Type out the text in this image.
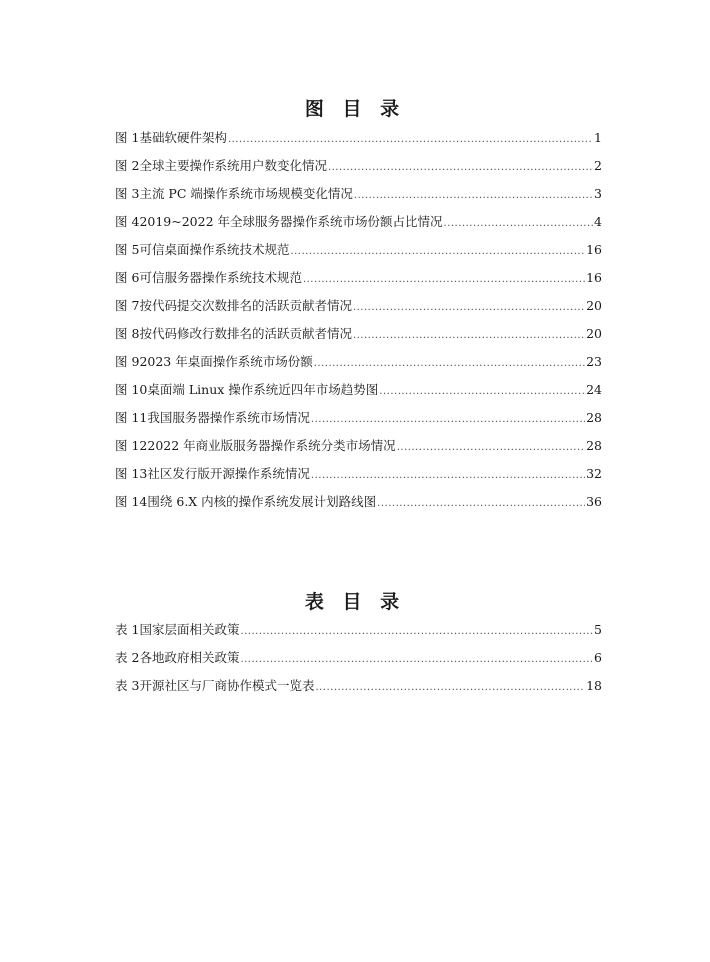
图 目 录
图 1 基础软硬件架构 .....	1
图 2 全球主要操作系统用户数变化情况 .....	2
图 3 主流 PC 端操作系统市场规模变化情况 .....	3
图 4 2019~2022 年全球服务器操作系统市场份额占比情况 .....	4
图 5 可信桌面操作系统技术规范 .....	16
图 6 可信服务器操作系统技术规范 .....	16
图 7 按代码提交次数排名的活跃贡献者情况 .....	20
图 8 按代码修改行数排名的活跃贡献者情况 .....	20
图 9 2023 年桌面操作系统市场份额 .....	23
图 10 桌面端 Linux 操作系统近四年市场趋势图 .....	24
图 11 我国服务器操作系统市场情况 .....	28
图 12 2022 年商业版服务器操作系统分类市场情况 .....	28
图 13 社区发行版开源操作系统情况 .....	32
图 14 围绕 6.X 内核的操作系统发展计划路线图 .....	36
表 目 录
表 1 国家层面相关政策 .....	5
表 2 各地政府相关政策 .....	6
表 3 开源社区与厂商协作模式一览表 .....	18
